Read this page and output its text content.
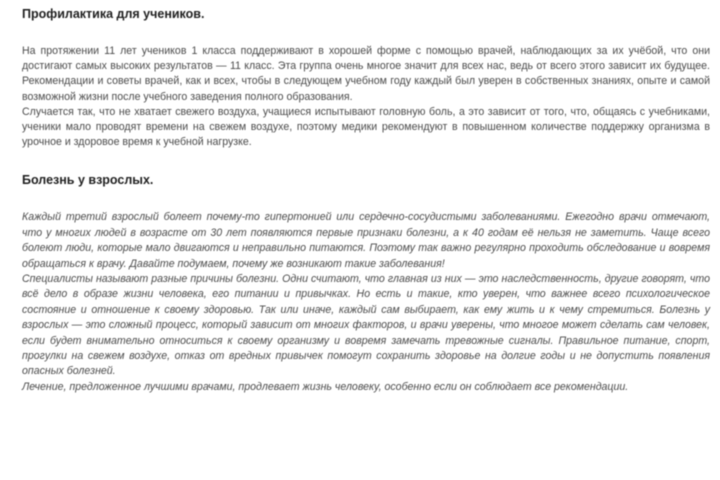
Профилактика для учеников.

На протяжении 11 лет учеников 1 класса поддерживают в хорошей форме с помощью врачей, наблюдающих за их учёбой, что они достигают самых высоких результатов — 11 класс. Эта группа очень многое значит для всех нас, ведь от всего этого зависит их будущее. Рекомендации и советы врачей, как и всех, чтобы в следующем учебном году каждый был уверен в собственных знаниях, опыте и самой возможной жизни после учебного заведения полного образования.

Случается так, что не хватает свежего воздуха, учащиеся испытывают головную боль, а это зависит от того, что, общаясь с учебниками, ученики мало проводят времени на свежем воздухе, поэтому медики рекомендуют в повышенном количестве поддержку организма в урочное и здоровое время к учебной нагрузке.

Болезнь у взрослых.

Каждый третий взрослый болеет почему-то гипертонией или сердечно-сосудистыми заболеваниями. Ежегодно врачи отмечают, что у многих людей в возрасте от 30 лет появляются первые признаки болезни, а к 40 годам её нельзя не заметить. Чаще всего болеют люди, которые мало двигаются и неправильно питаются. Поэтому так важно регулярно проходить обследование и вовремя обращаться к врачу. Давайте подумаем, почему же возникают такие заболевания!

Специалисты называют разные причины болезни. Одни считают, что главная из них — это наследственность, другие говорят, что всё дело в образе жизни человека, его питании и привычках. Но есть и такие, кто уверен, что важнее всего психологическое состояние и отношение к своему здоровью. Так или иначе, каждый сам выбирает, как ему жить и к чему стремиться. Болезнь у взрослых — это сложный процесс, который зависит от многих факторов, и врачи уверены, что многое может сделать сам человек, если будет внимательно относиться к своему организму и вовремя замечать тревожные сигналы. Правильное питание, спорт, прогулки на свежем воздухе, отказ от вредных привычек помогут сохранить здоровье на долгие годы и не допустить появления опасных болезней.

Лечение, предложенное лучшими врачами, продлевает жизнь человеку, особенно если он соблюдает все рекомендации.
